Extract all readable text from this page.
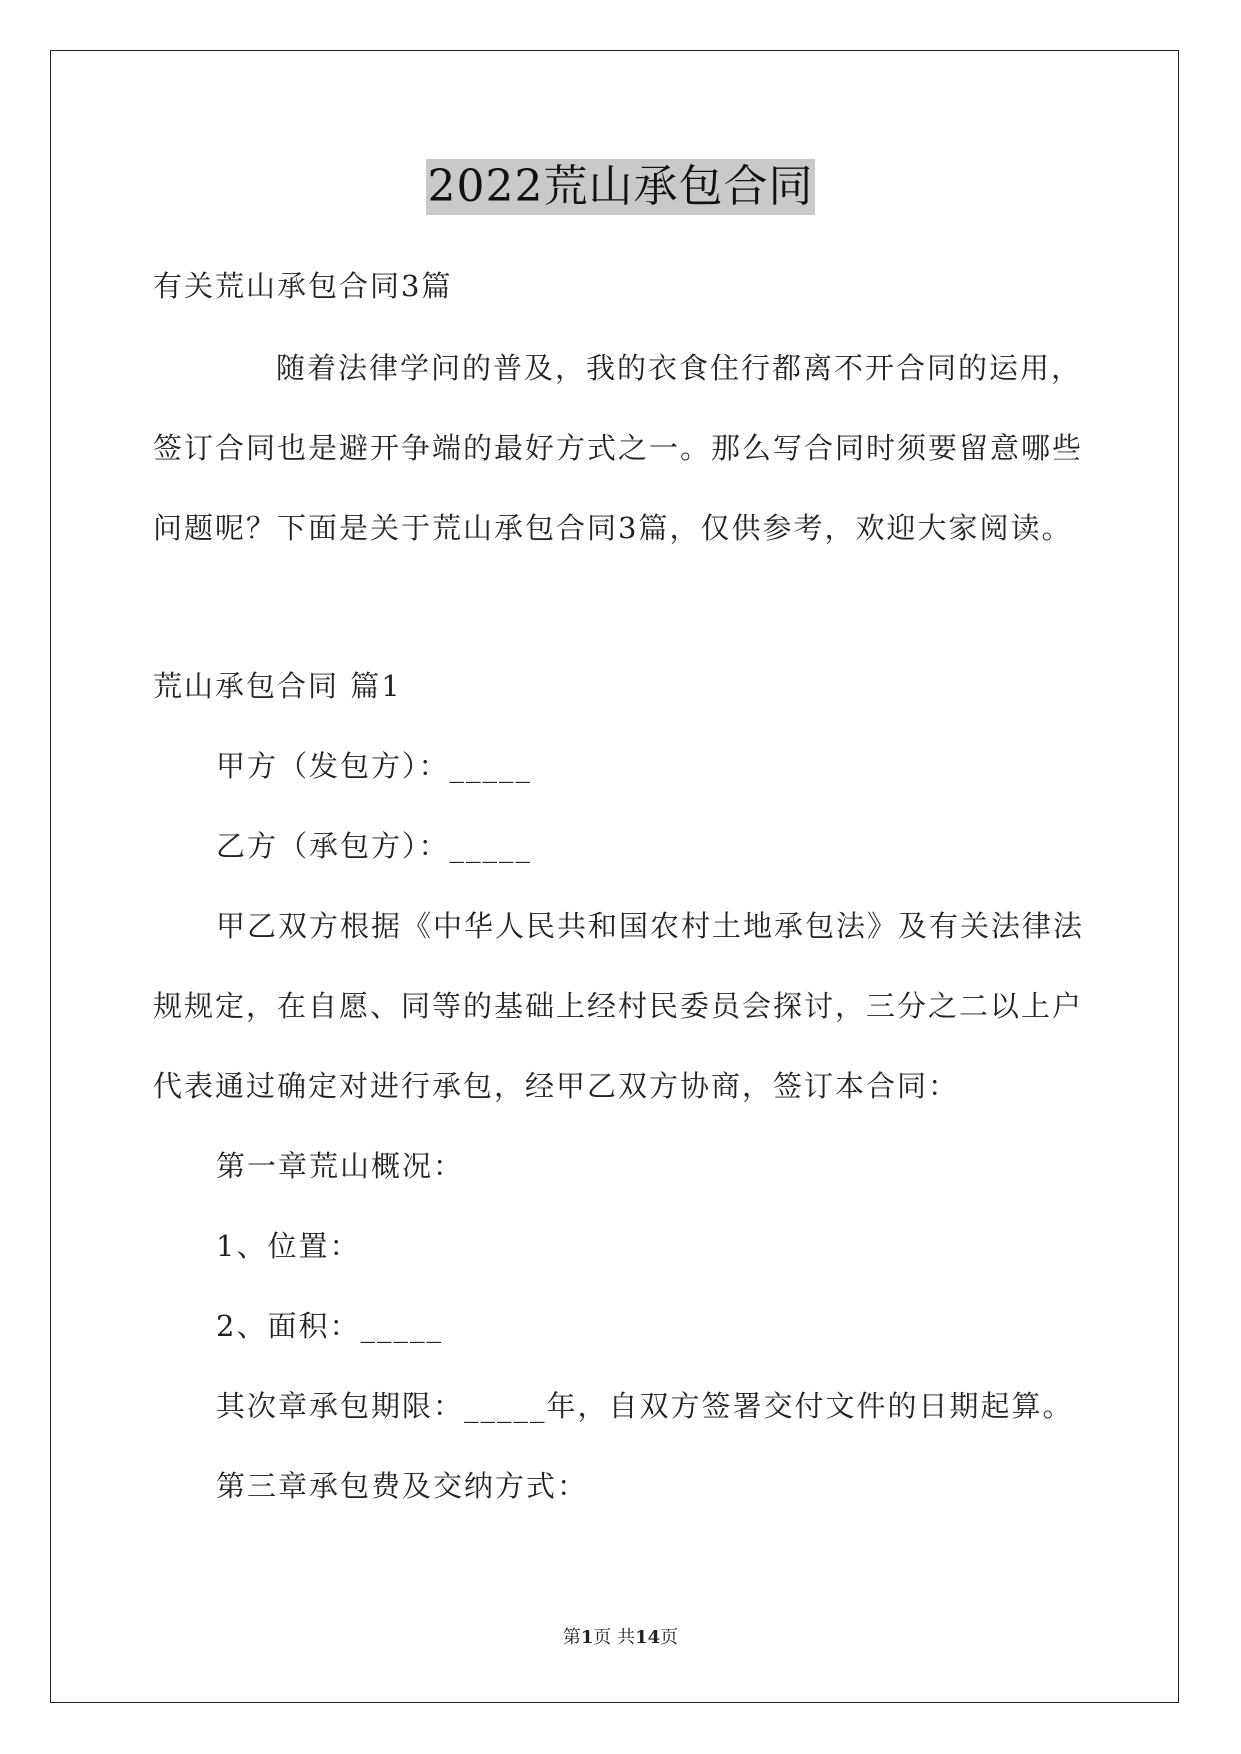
2022荒山承包合同
有关荒山承包合同3篇
随着法律学问的普及，我的衣食住行都离不开合同的运用，
签订合同也是避开争端的最好方式之一。那么写合同时须要留意哪些
问题呢？下面是关于荒山承包合同3篇，仅供参考，欢迎大家阅读。
荒山承包合同 篇1
甲方（发包方）：_____
乙方（承包方）：_____
甲乙双方根据《中华人民共和国农村土地承包法》及有关法律法
规规定，在自愿、同等的基础上经村民委员会探讨，三分之二以上户
代表通过确定对进行承包，经甲乙双方协商，签订本合同：
第一章荒山概况：
1、位置：
2、面积：_____
其次章承包期限：_____年，自双方签署交付文件的日期起算。
第三章承包费及交纳方式：
第1页 共14页
